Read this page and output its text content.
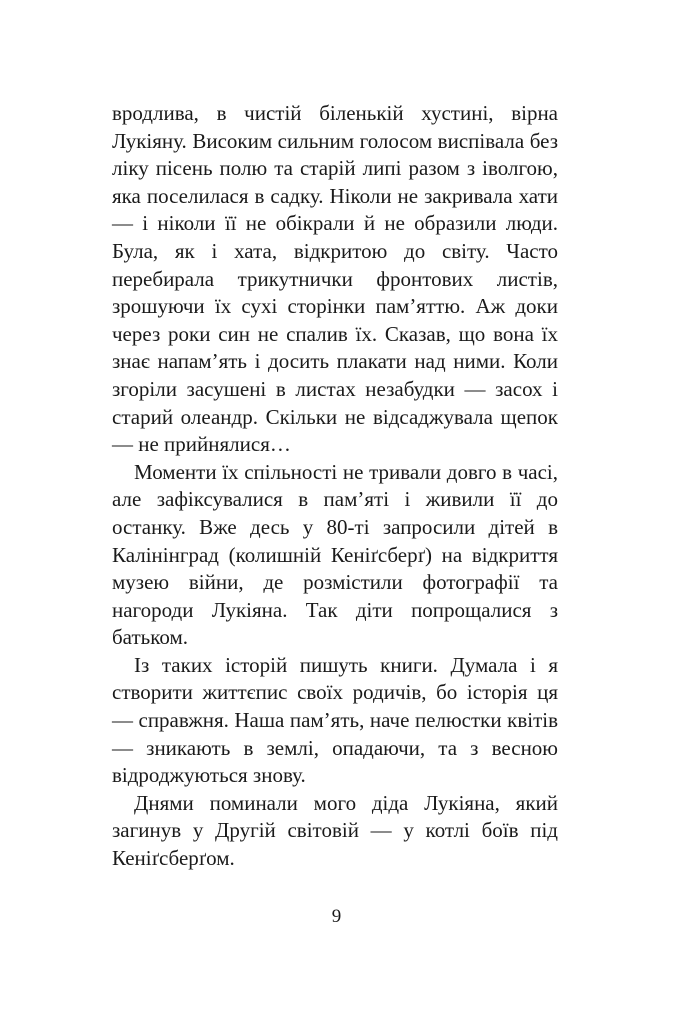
вродлива, в чистій біленькій хустині, вірна Лукіяну. Високим сильним голосом виспівала без ліку пісень полю та старій липі разом з іволгою, яка поселилася в садку. Ніколи не закривала хати — і ніколи її не обікрали й не образили люди. Була, як і хата, відкритою до світу. Часто перебирала трикутнички фронтових листів, зрошуючи їх сухі сторінки пам’яттю. Аж доки через роки син не спалив їх. Сказав, що вона їх знає напам’ять і досить плакати над ними. Коли згоріли засушені в листах незабудки — засох і старий олеандр. Скільки не відсаджувала щепок — не прийнялися…

Моменти їх спільності не тривали довго в часі, але зафіксувалися в пам’яті і живили її до останку. Вже десь у 80-ті запросили дітей в Калінінград (колишній Кеніґсберґ) на відкриття музею війни, де розмістили фотографії та нагороди Лукіяна. Так діти попрощалися з батьком.

Із таких історій пишуть книги. Думала і я створити життєпис своїх родичів, бо історія ця — справжня. Наша пам’ять, наче пелюстки квітів — зникають в землі, опадаючи, та з весною відроджуються знову.

Днями поминали мого діда Лукіяна, який загинув у Другій світовій — у котлі боїв під Кеніґсберґом.

9
